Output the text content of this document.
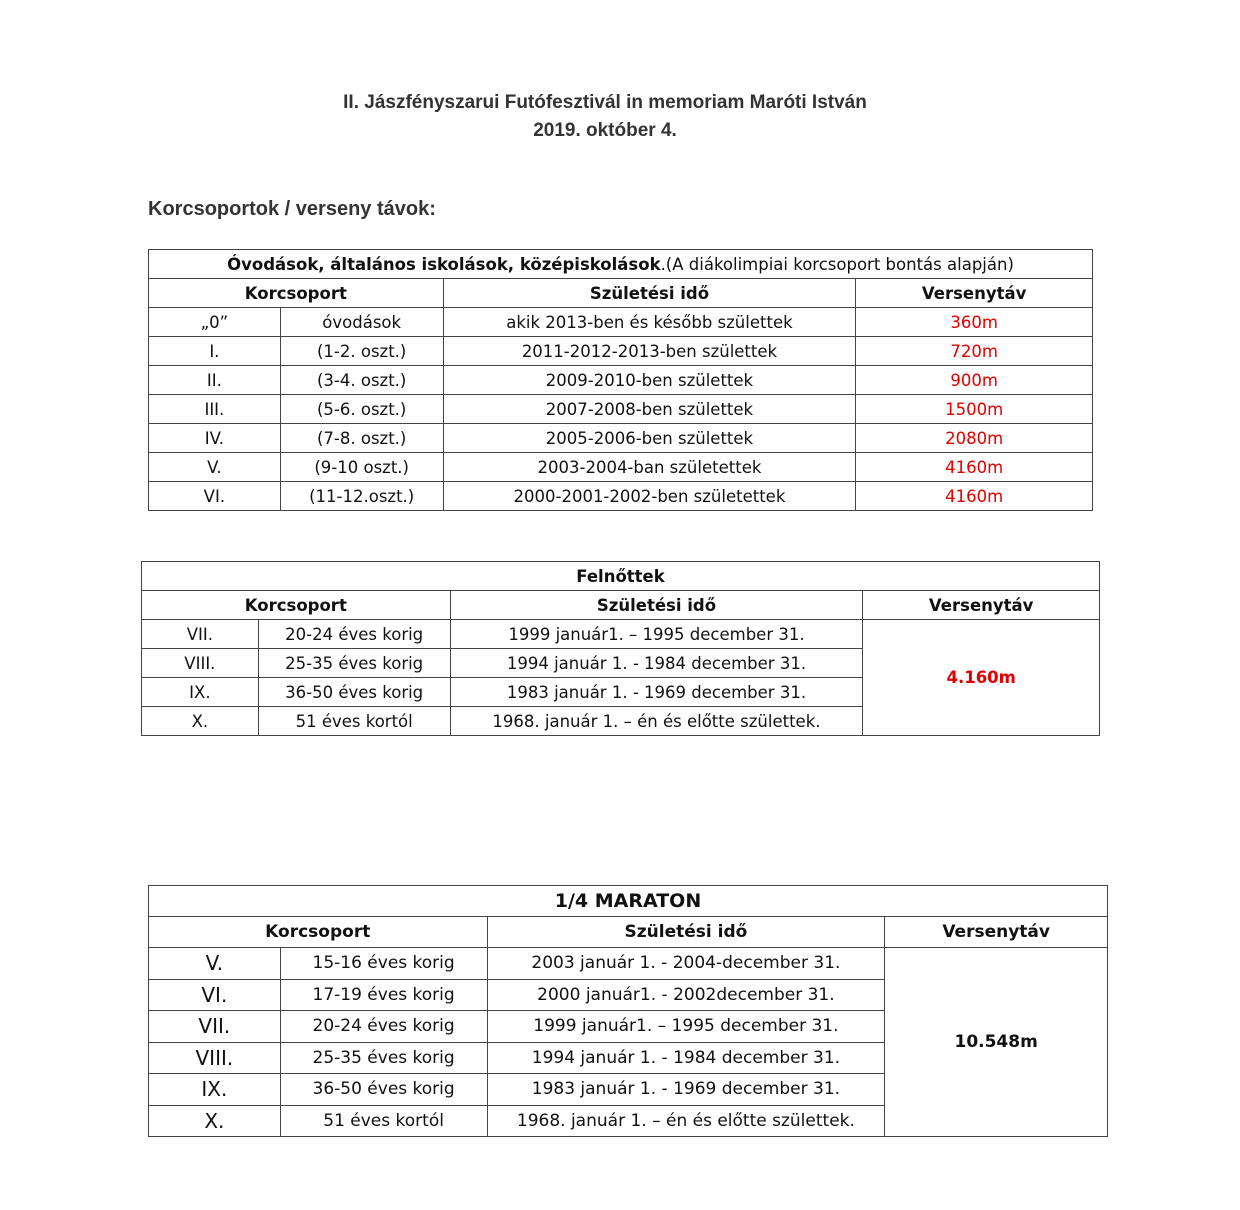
II. Jászfényszarui Futófesztivál in memoriam Maróti István
2019. október 4.
Korcsoportok / verseny távok:
Óvodások, általános iskolások, középiskolások.(A diákolimpiai korcsoport bontás alapján)			
Korcsoport		Születési idő	Versenytáv
„0”	óvodások	akik 2013-ben és később születtek	360m
I.	(1-2. oszt.)	2011-2012-2013-ben születtek	720m
II.	(3-4. oszt.)	2009-2010-ben születtek	900m
III.	(5-6. oszt.)	2007-2008-ben születtek	1500m
IV.	(7-8. oszt.)	2005-2006-ben születtek	2080m
V.	(9-10 oszt.)	2003-2004-ban születettek	4160m
VI.	(11-12.oszt.)	2000-2001-2002-ben születettek	4160m
Felnőttek			
Korcsoport		Születési idő	Versenytáv
VII.	20-24 éves korig	1999 január1. – 1995 december 31.	4.160m
VIII.	25-35 éves korig	1994 január 1. - 1984 december 31.	
IX.	36-50 éves korig	1983 január 1. - 1969 december 31.	
X.	51 éves kortól	1968. január 1. – én és előtte születtek.	
1/4 MARATON			
Korcsoport		Születési idő	Versenytáv
V.	15-16 éves korig	2003 január 1. - 2004-december 31.	10.548m
VI.	17-19 éves korig	2000 január1. - 2002december 31.	
VII.	20-24 éves korig	1999 január1. – 1995 december 31.	
VIII.	25-35 éves korig	1994 január 1. - 1984 december 31.	
IX.	36-50 éves korig	1983 január 1. - 1969 december 31.	
X.	51 éves kortól	1968. január 1. – én és előtte születtek.	
